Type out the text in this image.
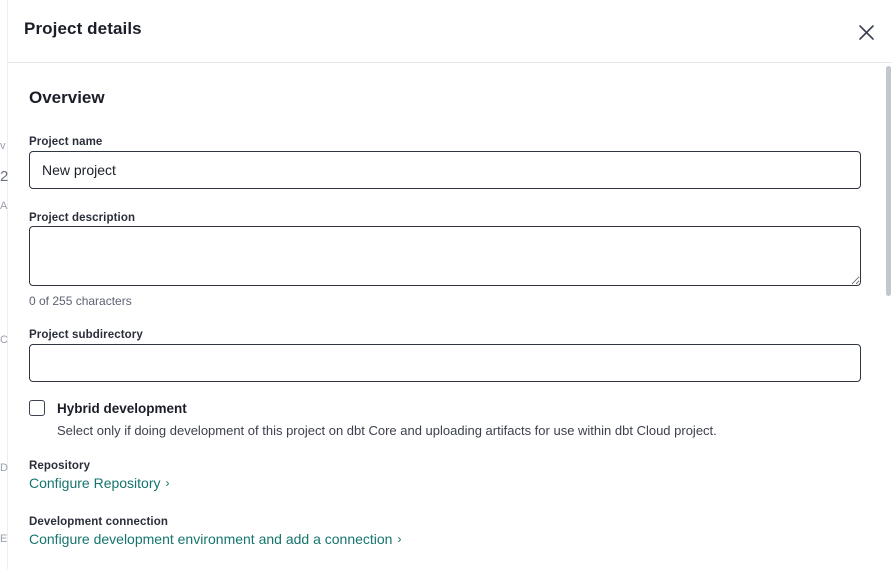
v
2
A
C
D
E
Project details
Overview
Project name
New project
Project description
0 of 255 characters
Project subdirectory
Hybrid development
Select only if doing development of this project on dbt Core and uploading artifacts for use within dbt Cloud project.
Repository
Configure Repository ›
Development connection
Configure development environment and add a connection ›
